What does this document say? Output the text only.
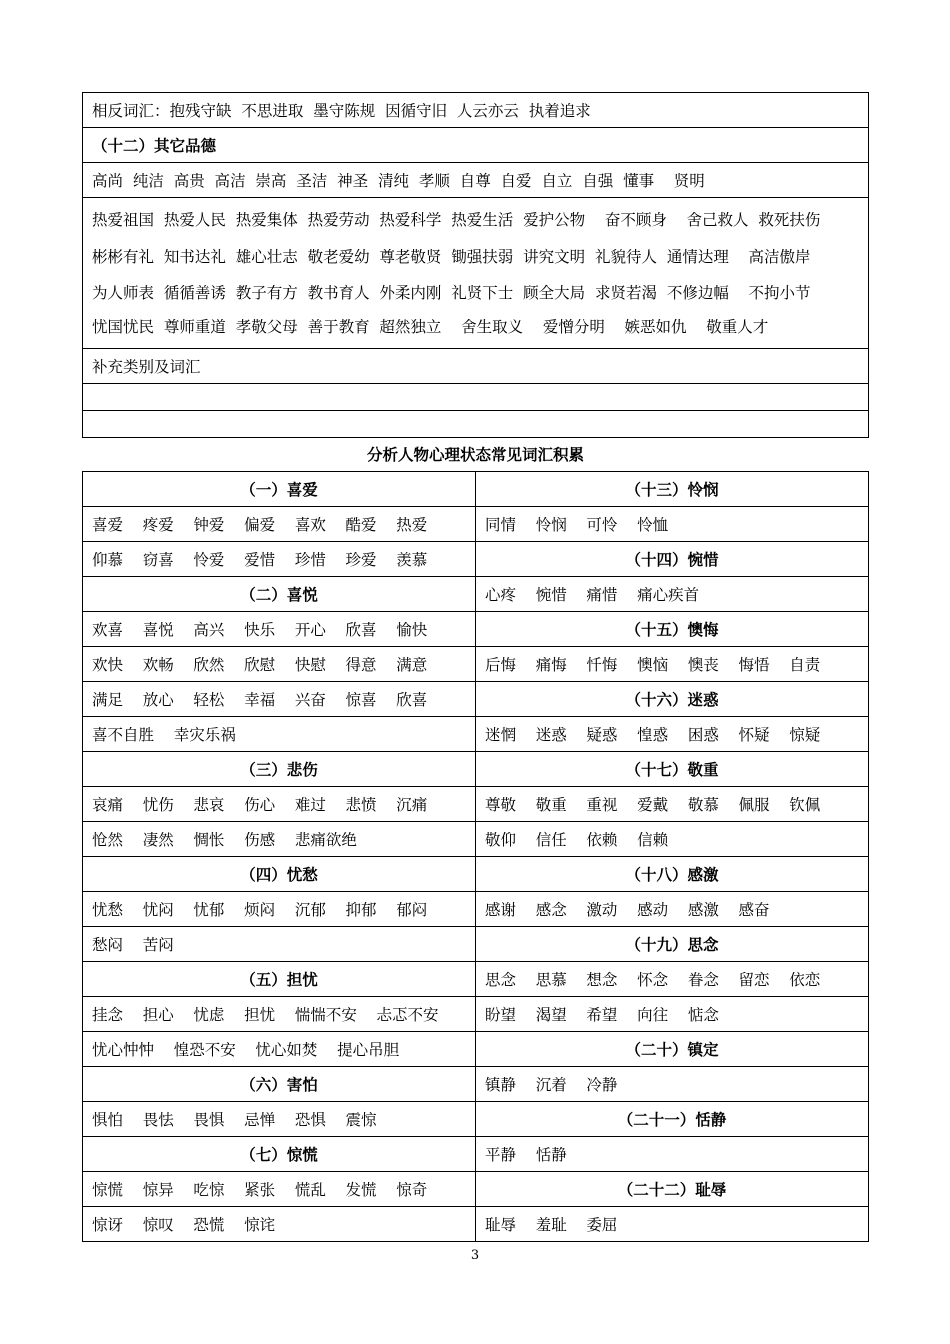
相反词汇：抱残守缺  不思进取  墨守陈规  因循守旧  人云亦云  执着追求
（十二）其它品德
高尚  纯洁  高贵  高洁  崇高  圣洁  神圣  清纯  孝顺  自尊  自爱  自立  自强  懂事    贤明

热爱祖国  热爱人民  热爱集体  热爱劳动  热爱科学  热爱生活  爱护公物    奋不顾身    舍己救人  救死扶伤
彬彬有礼  知书达礼  雄心壮志  敬老爱幼  尊老敬贤  锄强扶弱  讲究文明  礼貌待人  通情达理    高洁傲岸
为人师表  循循善诱  教子有方  教书育人  外柔内刚  礼贤下士  顾全大局  求贤若渴  不修边幅    不拘小节
忧国忧民  尊师重道  孝敬父母  善于教育  超然独立    舍生取义    爱憎分明    嫉恶如仇    敬重人才

补充类别及词汇

分析人物心理状态常见词汇积累
（一）喜爱	（十三）怜悯
喜爱    疼爱    钟爱    偏爱    喜欢    酷爱    热爱	同情    怜悯    可怜    怜恤
仰慕    窃喜    怜爱    爱惜    珍惜    珍爱    羡慕	（十四）惋惜
（二）喜悦	心疼    惋惜    痛惜    痛心疾首
欢喜    喜悦    高兴    快乐    开心    欣喜    愉快	（十五）懊悔
欢快    欢畅    欣然    欣慰    快慰    得意    满意	后悔    痛悔    忏悔    懊恼    懊丧    悔悟    自责
满足    放心    轻松    幸福    兴奋    惊喜    欣喜	（十六）迷惑
喜不自胜    幸灾乐祸	迷惘    迷惑    疑惑    惶惑    困惑    怀疑    惊疑
（三）悲伤	（十七）敬重
哀痛    忧伤    悲哀    伤心    难过    悲愤    沉痛	尊敬    敬重    重视    爱戴    敬慕    佩服    钦佩
怆然    凄然    惆怅    伤感    悲痛欲绝	敬仰    信任    依赖    信赖
（四）忧愁	（十八）感激
忧愁    忧闷    忧郁    烦闷    沉郁    抑郁    郁闷	感谢    感念    激动    感动    感激    感奋
愁闷    苦闷	（十九）思念
（五）担忧	思念    思慕    想念    怀念    眷念    留恋    依恋
挂念    担心    忧虑    担忧    惴惴不安    忐忑不安	盼望    渴望    希望    向往    惦念
忧心忡忡    惶恐不安    忧心如焚    提心吊胆	（二十）镇定
（六）害怕	镇静    沉着    冷静
惧怕    畏怯    畏惧    忌惮    恐惧    震惊	（二十一）恬静
（七）惊慌	平静    恬静
惊慌    惊异    吃惊    紧张    慌乱    发慌    惊奇	（二十二）耻辱
惊讶    惊叹    恐慌    惊诧	耻辱    羞耻    委屈
3
